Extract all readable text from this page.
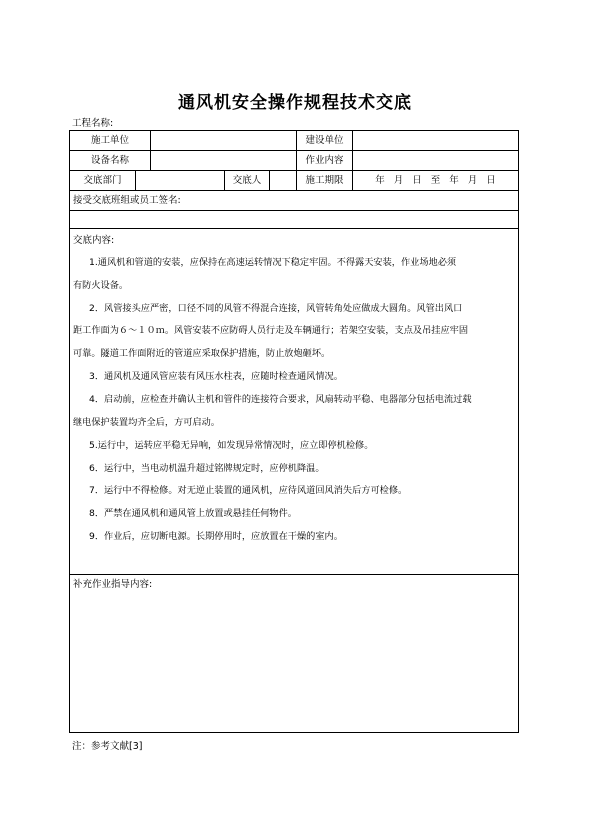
通风机安全操作规程技术交底
工程名称:
施工单位	建设单位
设备名称	作业内容
交底部门	交底人	施工期限	年 月 日 至 年 月 日
接受交底班组或员工签名:
交底内容:
1.通风机和管道的安装，应保持在高速运转情况下稳定牢固。不得露天安装，作业场地必须
有防火设备。
2．风管接头应严密，口径不同的风管不得混合连接，风管转角处应做成大圆角。风管出风口
距工作面为６～１０ｍ。风管安装不应防碍人员行走及车辆通行；若架空安装，支点及吊挂应牢固
可靠。隧道工作面附近的管道应采取保护措施，防止放炮砸坏。
3．通风机及通风管应装有风压水柱表，应随时检查通风情况。
4．启动前，应检查并确认主机和管件的连接符合要求，风扇转动平稳、电器部分包括电流过载
继电保护装置均齐全后，方可启动。
5.运行中，运转应平稳无异响，如发现异常情况时，应立即停机检修。
6．运行中，当电动机温升超过铭牌规定时，应停机降温。
7．运行中不得检修。对无逆止装置的通风机，应待风道回风消失后方可检修。
8．严禁在通风机和通风管上放置或悬挂任何物件。
9．作业后，应切断电源。长期停用时，应放置在干燥的室内。
补充作业指导内容:
注：参考文献[3]
